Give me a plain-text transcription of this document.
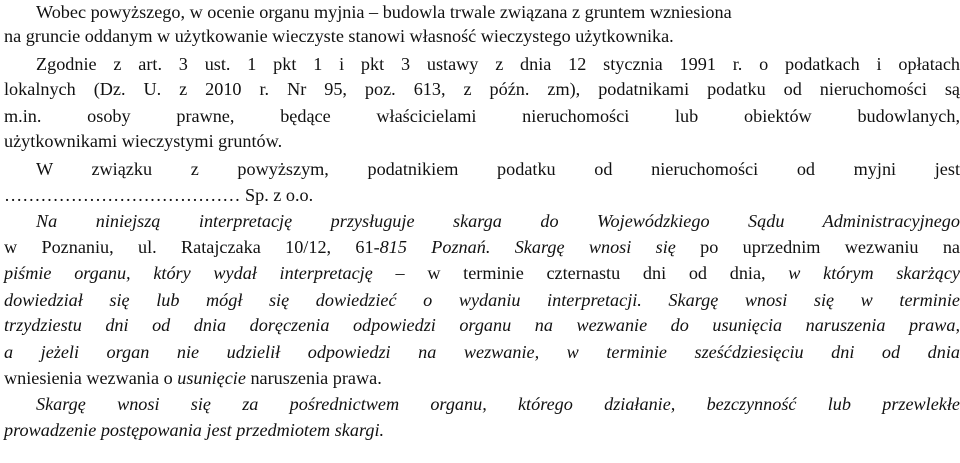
Wobec powyższego, w ocenie organu myjnia – budowla trwale związana z gruntem wzniesiona
na gruncie oddanym w użytkowanie wieczyste stanowi własność wieczystego użytkownika.
Zgodnie z art. 3 ust. 1 pkt 1 i pkt 3 ustawy z dnia 12 stycznia 1991 r. o podatkach i opłatach
lokalnych (Dz. U. z 2010 r. Nr 95, poz. 613, z późn. zm), podatnikami podatku od nieruchomości są
m.in. osoby prawne, będące właścicielami nieruchomości lub obiektów budowlanych,
użytkownikami wieczystymi gruntów.
W związku z powyższym, podatnikiem podatku od nieruchomości od myjni jest
………………………………… Sp. z o.o.
Na niniejszą interpretację przysługuje skarga do Wojewódzkiego Sądu Administracyjnego
w Poznaniu, ul. Ratajczaka 10/12, 61-815 Poznań. Skargę wnosi się po uprzednim wezwaniu na
piśmie organu, który wydał interpretację – w terminie czternastu dni od dnia, w którym skarżący
dowiedział się lub mógł się dowiedzieć o wydaniu interpretacji. Skargę wnosi się w terminie
trzydziestu dni od dnia doręczenia odpowiedzi organu na wezwanie do usunięcia naruszenia prawa,
a jeżeli organ nie udzielił odpowiedzi na wezwanie, w terminie sześćdziesięciu dni od dnia
wniesienia wezwania o usunięcie naruszenia prawa.
Skargę wnosi się za pośrednictwem organu, którego działanie, bezczynność lub przewlekłe
prowadzenie postępowania jest przedmiotem skargi.
